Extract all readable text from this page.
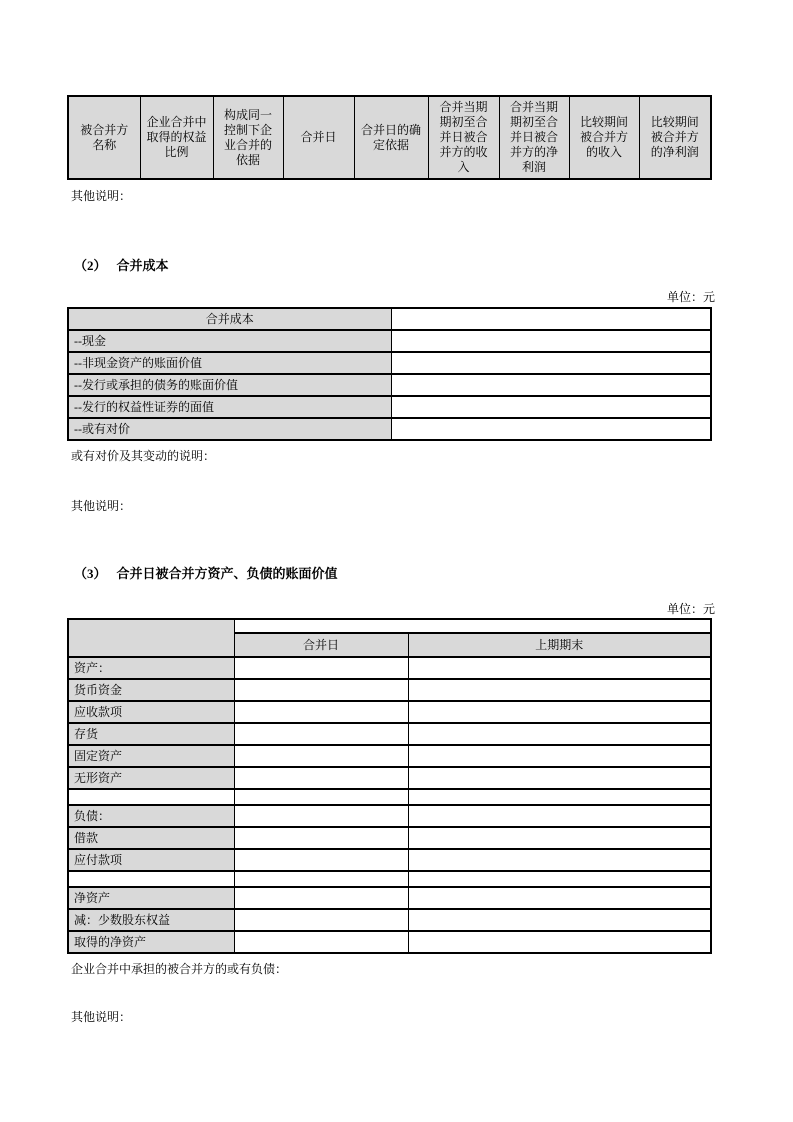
被合并方名称	企业合并中取得的权益比例	构成同一控制下企业合并的依据	合并日	合并日的确定依据	合并当期期初至合并日被合并方的收入	合并当期期初至合并日被合并方的净利润	比较期间被合并方的收入	比较期间被合并方的净利润
其他说明：
（2） 合并成本
单位：元
合并成本	
--现金	
--非现金资产的账面价值	
--发行或承担的债务的账面价值	
--发行的权益性证券的面值	
--或有对价	
或有对价及其变动的说明：
其他说明：
（3） 合并日被合并方资产、负债的账面价值
单位：元

	合并日	上期期末
资产：		
货币资金		
应收款项		
存货		
固定资产		
无形资产		

负债：		
借款		
应付款项		

净资产		
减：少数股东权益		
取得的净资产		
企业合并中承担的被合并方的或有负债：
其他说明：
